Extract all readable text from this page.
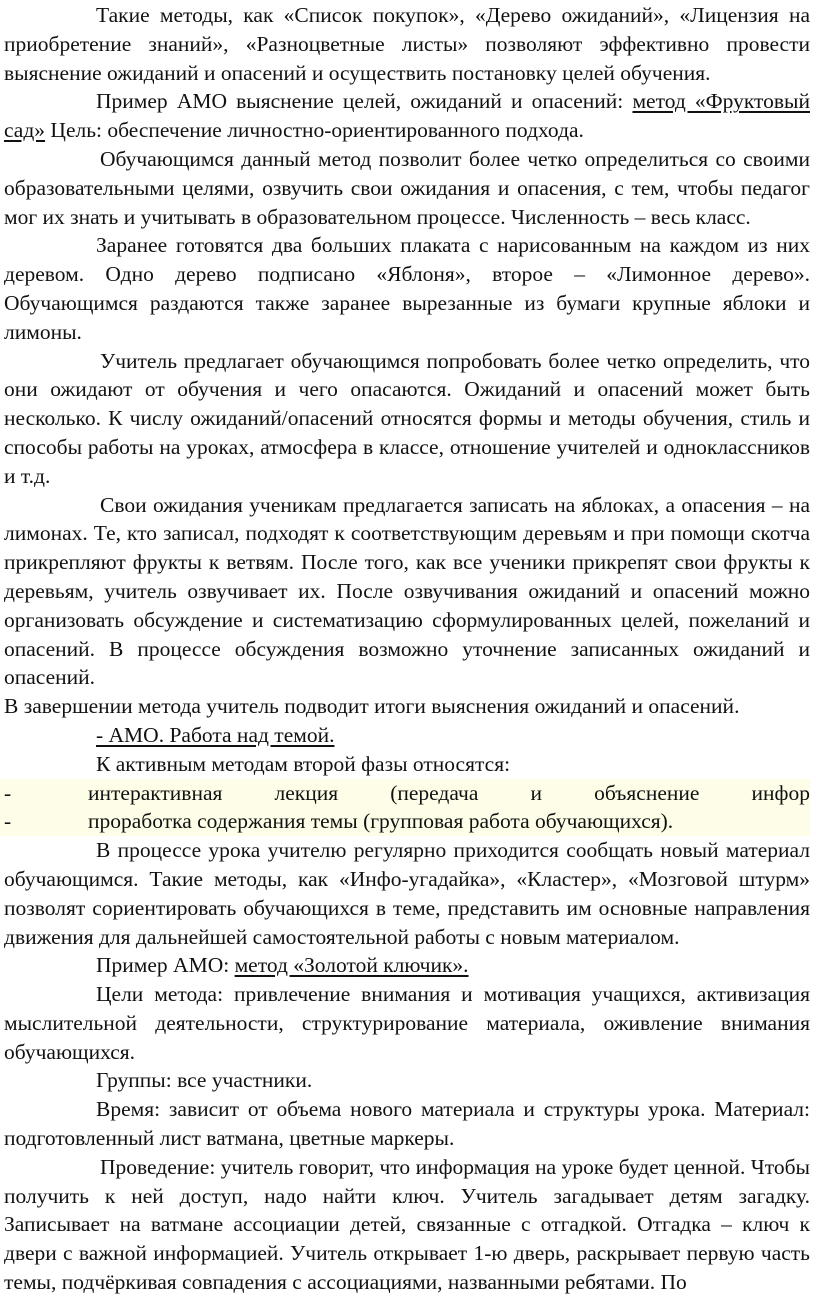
Такие методы, как «Список покупок», «Дерево ожиданий», «Лицензия на приобретение знаний», «Разноцветные листы» позволяют эффективно провести выяснение ожиданий и опасений и осуществить постановку целей обучения.

Пример АМО выяснение целей, ожиданий и опасений: метод «Фруктовый сад» Цель: обеспечение личностно-ориентированного подхода.

Обучающимся данный метод позволит более четко определиться со своими образовательными целями, озвучить свои ожидания и опасения, с тем, чтобы педагог мог их знать и учитывать в образовательном процессе. Численность – весь класс.

Заранее готовятся два больших плаката с нарисованным на каждом из них деревом. Одно дерево подписано «Яблоня», второе – «Лимонное дерево». Обучающимся раздаются также заранее вырезанные из бумаги крупные яблоки и лимоны.

Учитель предлагает обучающимся попробовать более четко определить, что они ожидают от обучения и чего опасаются. Ожиданий и опасений может быть несколько. К числу ожиданий/опасений относятся формы и методы обучения, стиль и способы работы на уроках, атмосфера в классе, отношение учителей и одноклассников и т.д.

Свои ожидания ученикам предлагается записать на яблоках, а опасения – на лимонах. Те, кто записал, подходят к соответствующим деревьям и при помощи скотча прикрепляют фрукты к ветвям. После того, как все ученики прикрепят свои фрукты к деревьям, учитель озвучивает их. После озвучивания ожиданий и опасений можно организовать обсуждение и систематизацию сформулированных целей, пожеланий и опасений. В процессе обсуждения возможно уточнение записанных ожиданий и опасений.

В завершении метода учитель подводит итоги выяснения ожиданий и опасений.

- АМО. Работа над темой.

К активным методам второй фазы относятся:

-	интерактивная лекция (передача и объяснение инфор
-	проработка содержания темы (групповая работа обучающихся).

В процессе урока учителю регулярно приходится сообщать новый материал обучающимся. Такие методы, как «Инфо-угадайка», «Кластер», «Мозговой штурм» позволят сориентировать обучающихся в теме, представить им основные направления движения для дальнейшей самостоятельной работы с новым материалом.

Пример АМО: метод «Золотой ключик».

Цели метода: привлечение внимания и мотивация учащихся, активизация мыслительной деятельности, структурирование материала, оживление внимания обучающихся.

Группы: все участники.

Время: зависит от объема нового материала и структуры урока. Материал: подготовленный лист ватмана, цветные маркеры.

Проведение: учитель говорит, что информация на уроке будет ценной. Чтобы получить к ней доступ, надо найти ключ. Учитель загадывает детям загадку. Записывает на ватмане ассоциации детей, связанные с отгадкой. Отгадка – ключ к двери с важной информацией. Учитель открывает 1-ю дверь, раскрывает первую часть темы, подчёркивая совпадения с ассоциациями, названными ребятами. По
